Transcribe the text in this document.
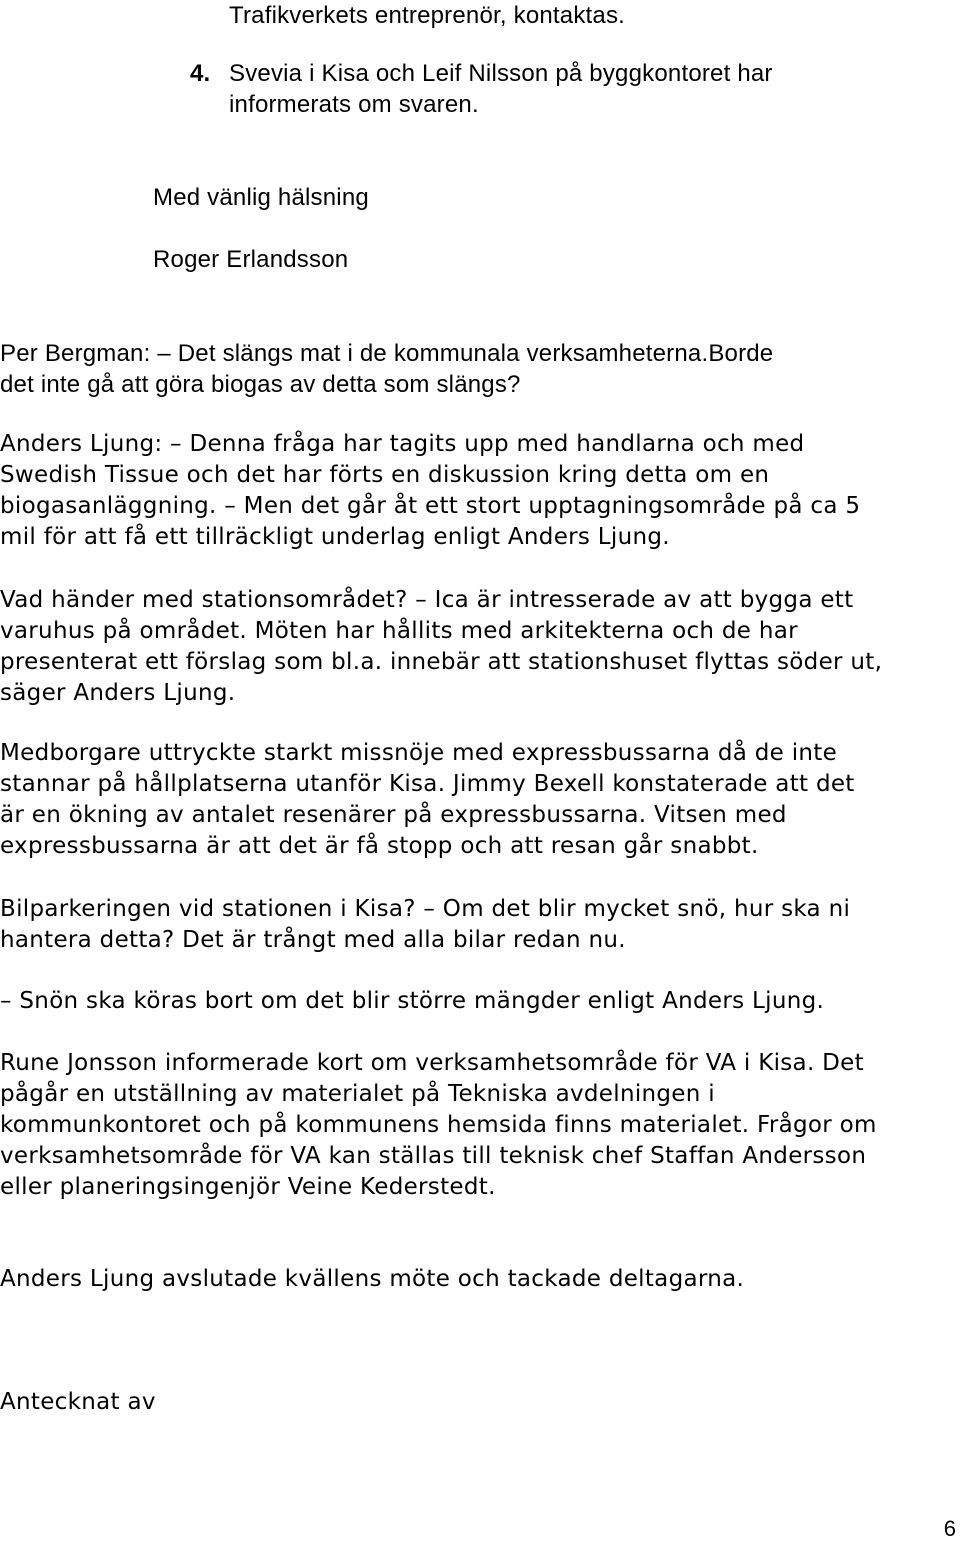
Trafikverkets entreprenör, kontaktas.

4. Svevia i Kisa och Leif Nilsson på byggkontoret har

informerats om svaren.

Med vänlig hälsning

Roger Erlandsson

Per Bergman: – Det slängs mat i de kommunala verksamheterna.Borde

det inte gå att göra biogas av detta som slängs?

Anders Ljung: – Denna fråga har tagits upp med handlarna och med

Swedish Tissue och det har förts en diskussion kring detta om en

biogasanläggning. – Men det går åt ett stort upptagningsområde på ca 5

mil för att få ett tillräckligt underlag enligt Anders Ljung.

Vad händer med stationsområdet? – Ica är intresserade av att bygga ett

varuhus på området. Möten har hållits med arkitekterna och de har

presenterat ett förslag som bl.a. innebär att stationshuset flyttas söder ut,

säger Anders Ljung.

Medborgare uttryckte starkt missnöje med expressbussarna då de inte

stannar på hållplatserna utanför Kisa. Jimmy Bexell konstaterade att det

är en ökning av antalet resenärer på expressbussarna. Vitsen med

expressbussarna är att det är få stopp och att resan går snabbt.

Bilparkeringen vid stationen i Kisa? – Om det blir mycket snö, hur ska ni

hantera detta? Det är trångt med alla bilar redan nu.

– Snön ska köras bort om det blir större mängder enligt Anders Ljung.

Rune Jonsson informerade kort om verksamhetsområde för VA i Kisa. Det

pågår en utställning av materialet på Tekniska avdelningen i

kommunkontoret och på kommunens hemsida finns materialet. Frågor om

verksamhetsområde för VA kan ställas till teknisk chef Staffan Andersson

eller planeringsingenjör Veine Kederstedt.

Anders Ljung avslutade kvällens möte och tackade deltagarna.

Antecknat av

6
